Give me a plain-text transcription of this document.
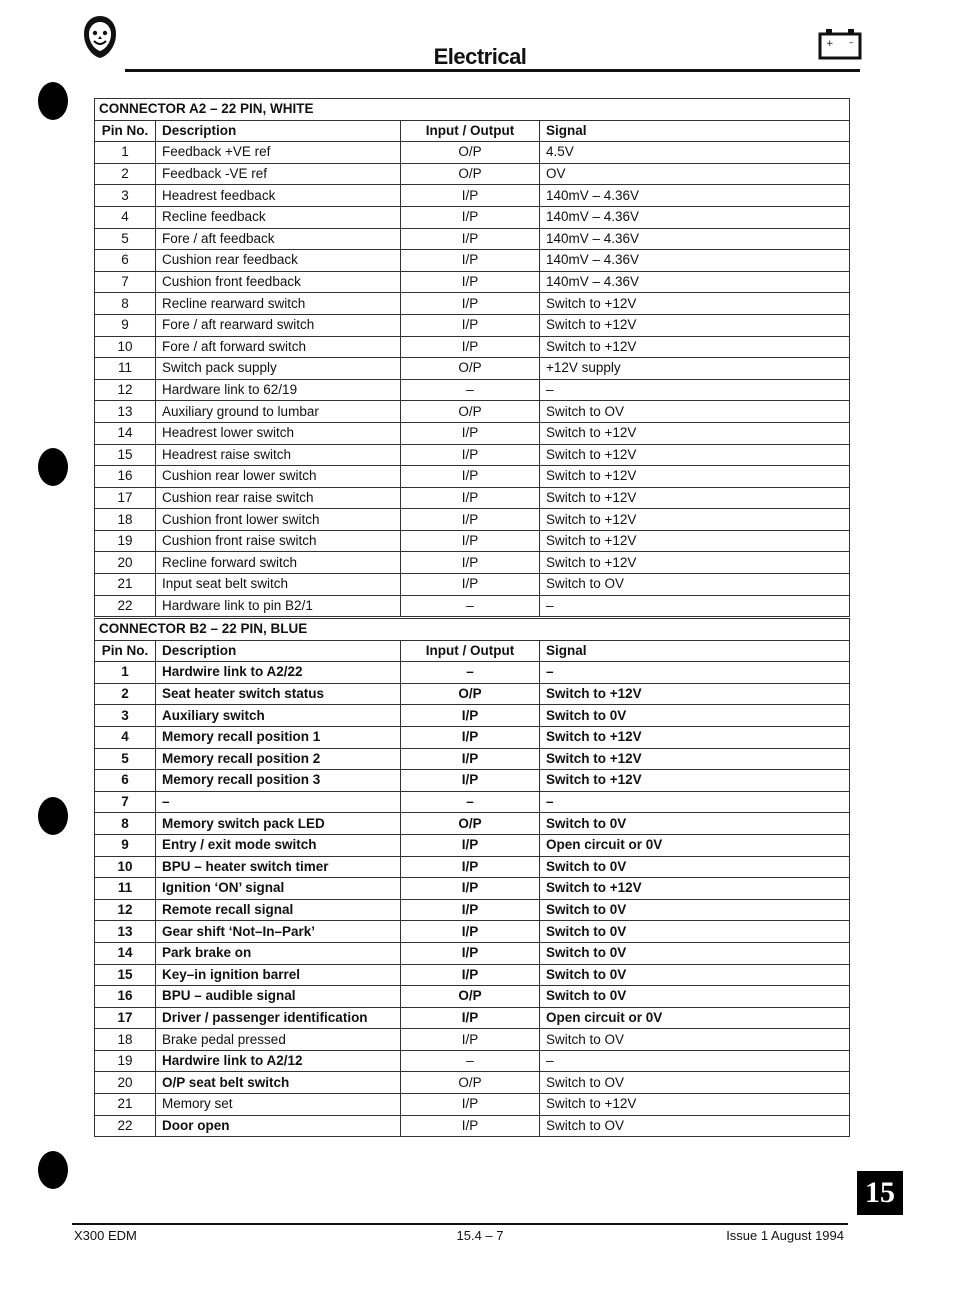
Electrical	+ –
CONNECTOR A2 – 22 PIN, WHITE			
Pin No.	Description	Input / Output	Signal
1	Feedback +VE ref	O/P	4.5V
2	Feedback -VE ref	O/P	OV
3	Headrest feedback	I/P	140mV – 4.36V
4	Recline feedback	I/P	140mV – 4.36V
5	Fore / aft feedback	I/P	140mV – 4.36V
6	Cushion rear feedback	I/P	140mV – 4.36V
7	Cushion front feedback	I/P	140mV – 4.36V
8	Recline rearward switch	I/P	Switch to +12V
9	Fore / aft rearward switch	I/P	Switch to +12V
10	Fore / aft forward switch	I/P	Switch to +12V
11	Switch pack supply	O/P	+12V supply
12	Hardware link to 62/19	–	–
13	Auxiliary ground to lumbar	O/P	Switch to OV
14	Headrest lower switch	I/P	Switch to +12V
15	Headrest raise switch	I/P	Switch to +12V
16	Cushion rear lower switch	I/P	Switch to +12V
17	Cushion rear raise switch	I/P	Switch to +12V
18	Cushion front lower switch	I/P	Switch to +12V
19	Cushion front raise switch	I/P	Switch to +12V
20	Recline forward switch	I/P	Switch to +12V
21	Input seat belt switch	I/P	Switch to OV
22	Hardware link to pin B2/1	–	–
CONNECTOR B2 – 22 PIN, BLUE			
Pin No.	Description	Input / Output	Signal
1	Hardwire link to A2/22	–	–
2	Seat heater switch status	O/P	Switch to +12V
3	Auxiliary switch	I/P	Switch to 0V
4	Memory recall position 1	I/P	Switch to +12V
5	Memory recall position 2	I/P	Switch to +12V
6	Memory recall position 3	I/P	Switch to +12V
7	–	–	–
8	Memory switch pack LED	O/P	Switch to 0V
9	Entry / exit mode switch	I/P	Open circuit or 0V
10	BPU – heater switch timer	I/P	Switch to 0V
11	Ignition ‘ON’ signal	I/P	Switch to +12V
12	Remote recall signal	I/P	Switch to 0V
13	Gear shift ‘Not–In–Park’	I/P	Switch to 0V
14	Park brake on	I/P	Switch to 0V
15	Key–in ignition barrel	I/P	Switch to 0V
16	BPU – audible signal	O/P	Switch to 0V
17	Driver / passenger identification	I/P	Open circuit or 0V
18	Brake pedal pressed	I/P	Switch to OV
19	Hardwire link to A2/12	–	–
20	O/P seat belt switch	O/P	Switch to OV
21	Memory set	I/P	Switch to +12V
22	Door open	I/P	Switch to OV
X300 EDM	15.4 – 7	Issue 1 August 1994
15
